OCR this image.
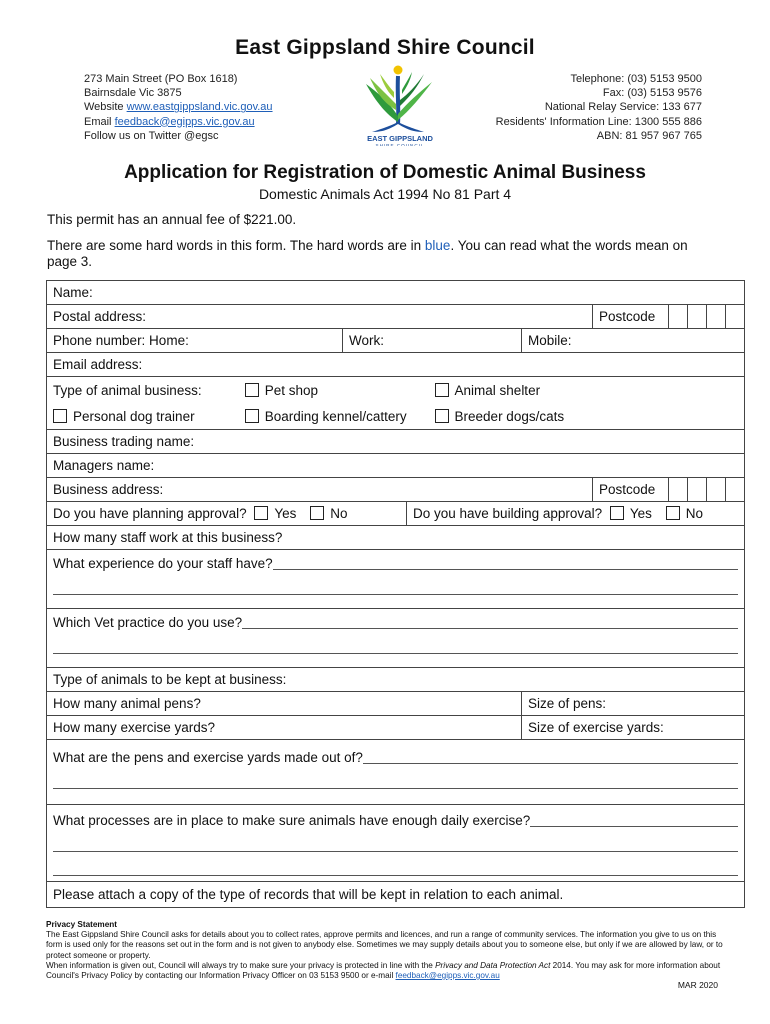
East Gippsland Shire Council
273 Main Street (PO Box 1618)
Bairnsdale Vic 3875
Website www.eastgippsland.vic.gov.au
Email feedback@egipps.vic.gov.au
Follow us on Twitter @egsc	EAST GIPPSLAND
SHIRE COUNCIL
Telephone: (03) 5153 9500
Fax: (03) 5153 9576
National Relay Service: 133 677
Residents' Information Line: 1300 555 886
ABN: 81 957 967 765
Application for Registration of Domestic Animal Business
Domestic Animals Act 1994 No 81 Part 4
This permit has an annual fee of $221.00.
There are some hard words in this form. The hard words are in blue. You can read what the words mean on page 3.
Name:								
Postal address:				Postcode				
Phone number: Home:	Work:		Mobile:					
Email address:								
Type of animal business: Pet shop Animal shelter								
Personal dog trainer Boarding kennel/cattery Breeder dogs/cats								
Business trading name:								
Managers name:								
Business address:				Postcode				
Do you have planning approval? Yes No		Do you have building approval? Yes No						
How many staff work at this business?								

What experience do your staff have?								

Which Vet practice do you use?								

Type of animals to be kept at business:								
How many animal pens?			Size of pens:					
How many exercise yards?			Size of exercise yards:					

What are the pens and exercise yards made out of?								

What processes are in place to make sure animals have enough daily exercise?								

Please attach a copy of the type of records that will be kept in relation to each animal.								
Privacy Statement
The East Gippsland Shire Council asks for details about you to collect rates, approve permits and licences, and run a range of community services. The information you give to us on this form is used only for the reasons set out in the form and is not given to anybody else. Sometimes we may supply details about you to someone else, but only if we are allowed by law, or to protect someone or property.
When information is given out, Council will always try to make sure your privacy is protected in line with the Privacy and Data Protection Act 2014. You may ask for more information about Council's Privacy Policy by contacting our Information Privacy Officer on 03 5153 9500 or e-mail feedback@egipps.vic.gov.au
MAR 2020
